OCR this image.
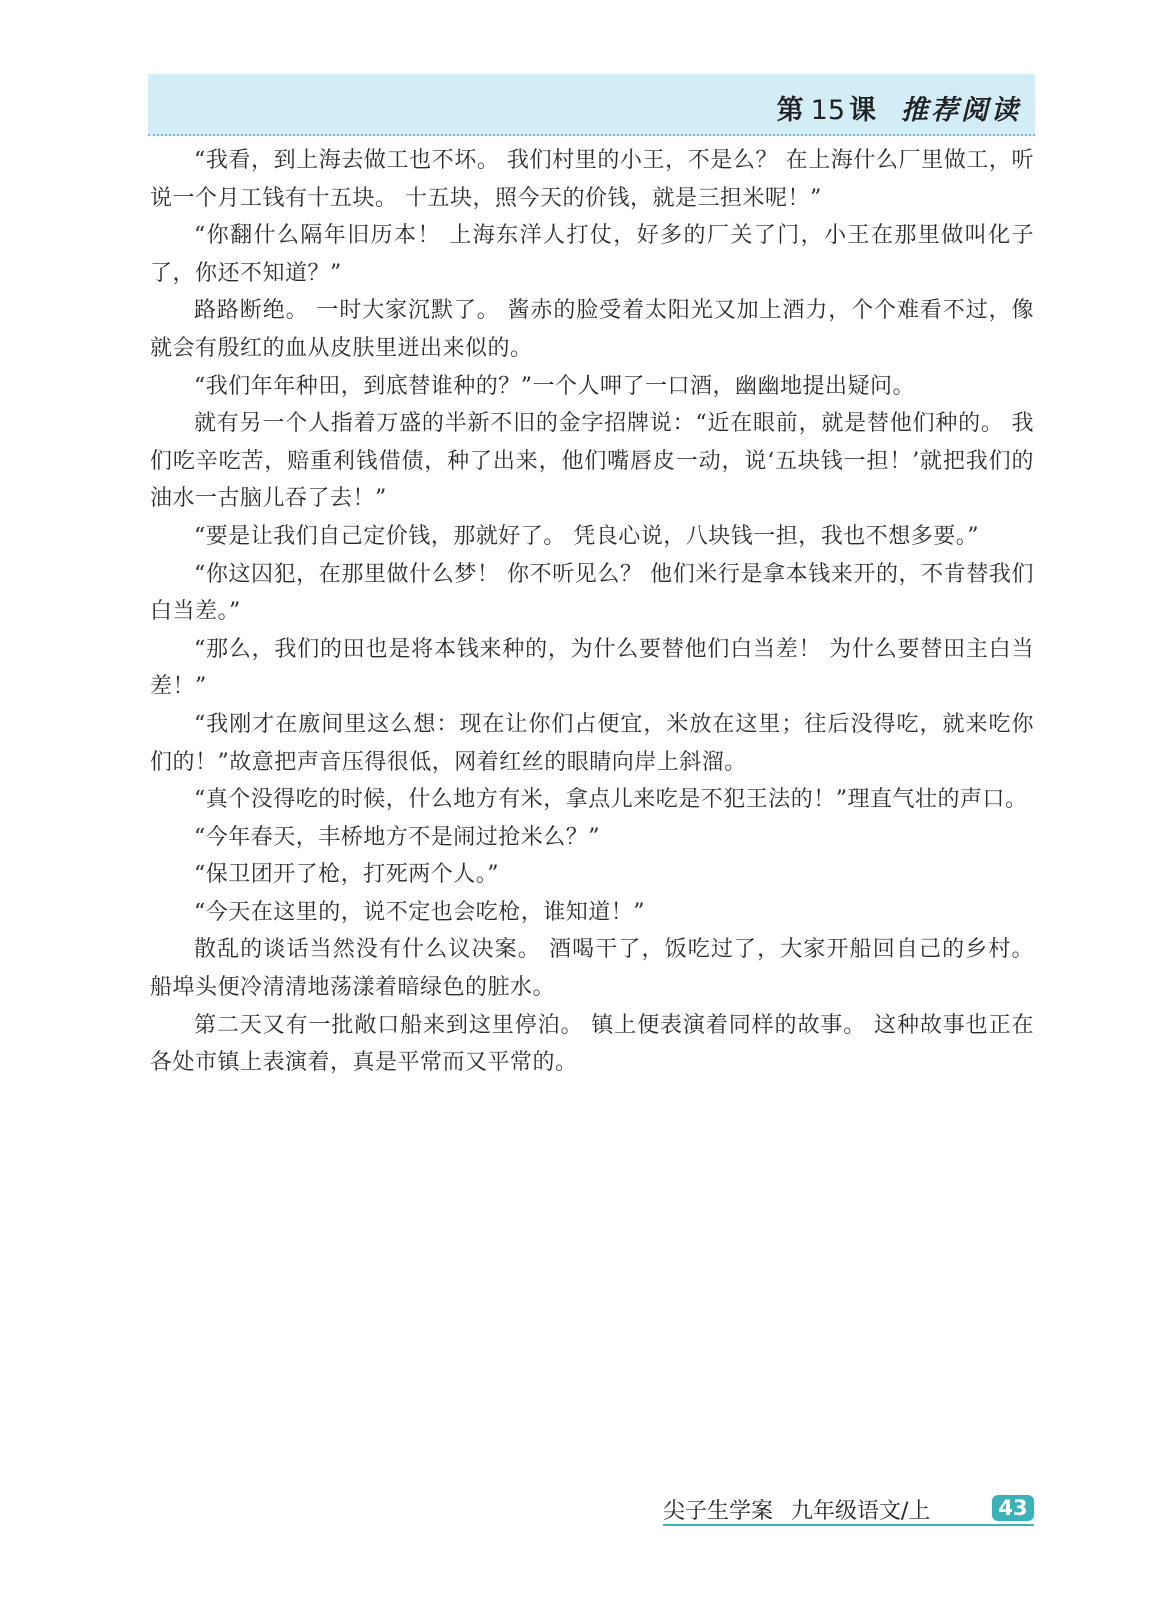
第 15 课 推荐阅读

“我看，到上海去做工也不坏。 我们村里的小王，不是么？ 在上海什么厂里做工，听说一个月工钱有十五块。 十五块，照今天的价钱，就是三担米呢！”

“你翻什么隔年旧历本！ 上海东洋人打仗，好多的厂关了门，小王在那里做叫化子了，你还不知道？”

路路断绝。 一时大家沉默了。 酱赤的脸受着太阳光又加上酒力，个个难看不过，像就会有殷红的血从皮肤里迸出来似的。

“我们年年种田，到底替谁种的？”一个人呷了一口酒，幽幽地提出疑问。

就有另一个人指着万盛的半新不旧的金字招牌说：“近在眼前，就是替他们种的。 我们吃辛吃苦，赔重利钱借债，种了出来，他们嘴唇皮一动，说‘五块钱一担！’就把我们的油水一古脑儿吞了去！”

“要是让我们自己定价钱，那就好了。 凭良心说，八块钱一担，我也不想多要。”

“你这囚犯，在那里做什么梦！ 你不听见么？ 他们米行是拿本钱来开的，不肯替我们白当差。”

“那么，我们的田也是将本钱来种的，为什么要替他们白当差！ 为什么要替田主白当差！”

“我刚才在廒间里这么想：现在让你们占便宜，米放在这里；往后没得吃，就来吃你们的！”故意把声音压得很低，网着红丝的眼睛向岸上斜溜。

“真个没得吃的时候，什么地方有米，拿点儿来吃是不犯王法的！”理直气壮的声口。

“今年春天，丰桥地方不是闹过抢米么？”

“保卫团开了枪，打死两个人。”

“今天在这里的，说不定也会吃枪，谁知道！”

散乱的谈话当然没有什么议决案。 酒喝干了，饭吃过了，大家开船回自己的乡村。 船埠头便冷清清地荡漾着暗绿色的脏水。

第二天又有一批敞口船来到这里停泊。 镇上便表演着同样的故事。 这种故事也正在各处市镇上表演着，真是平常而又平常的。

尖子生学案 九年级语文/上	43
